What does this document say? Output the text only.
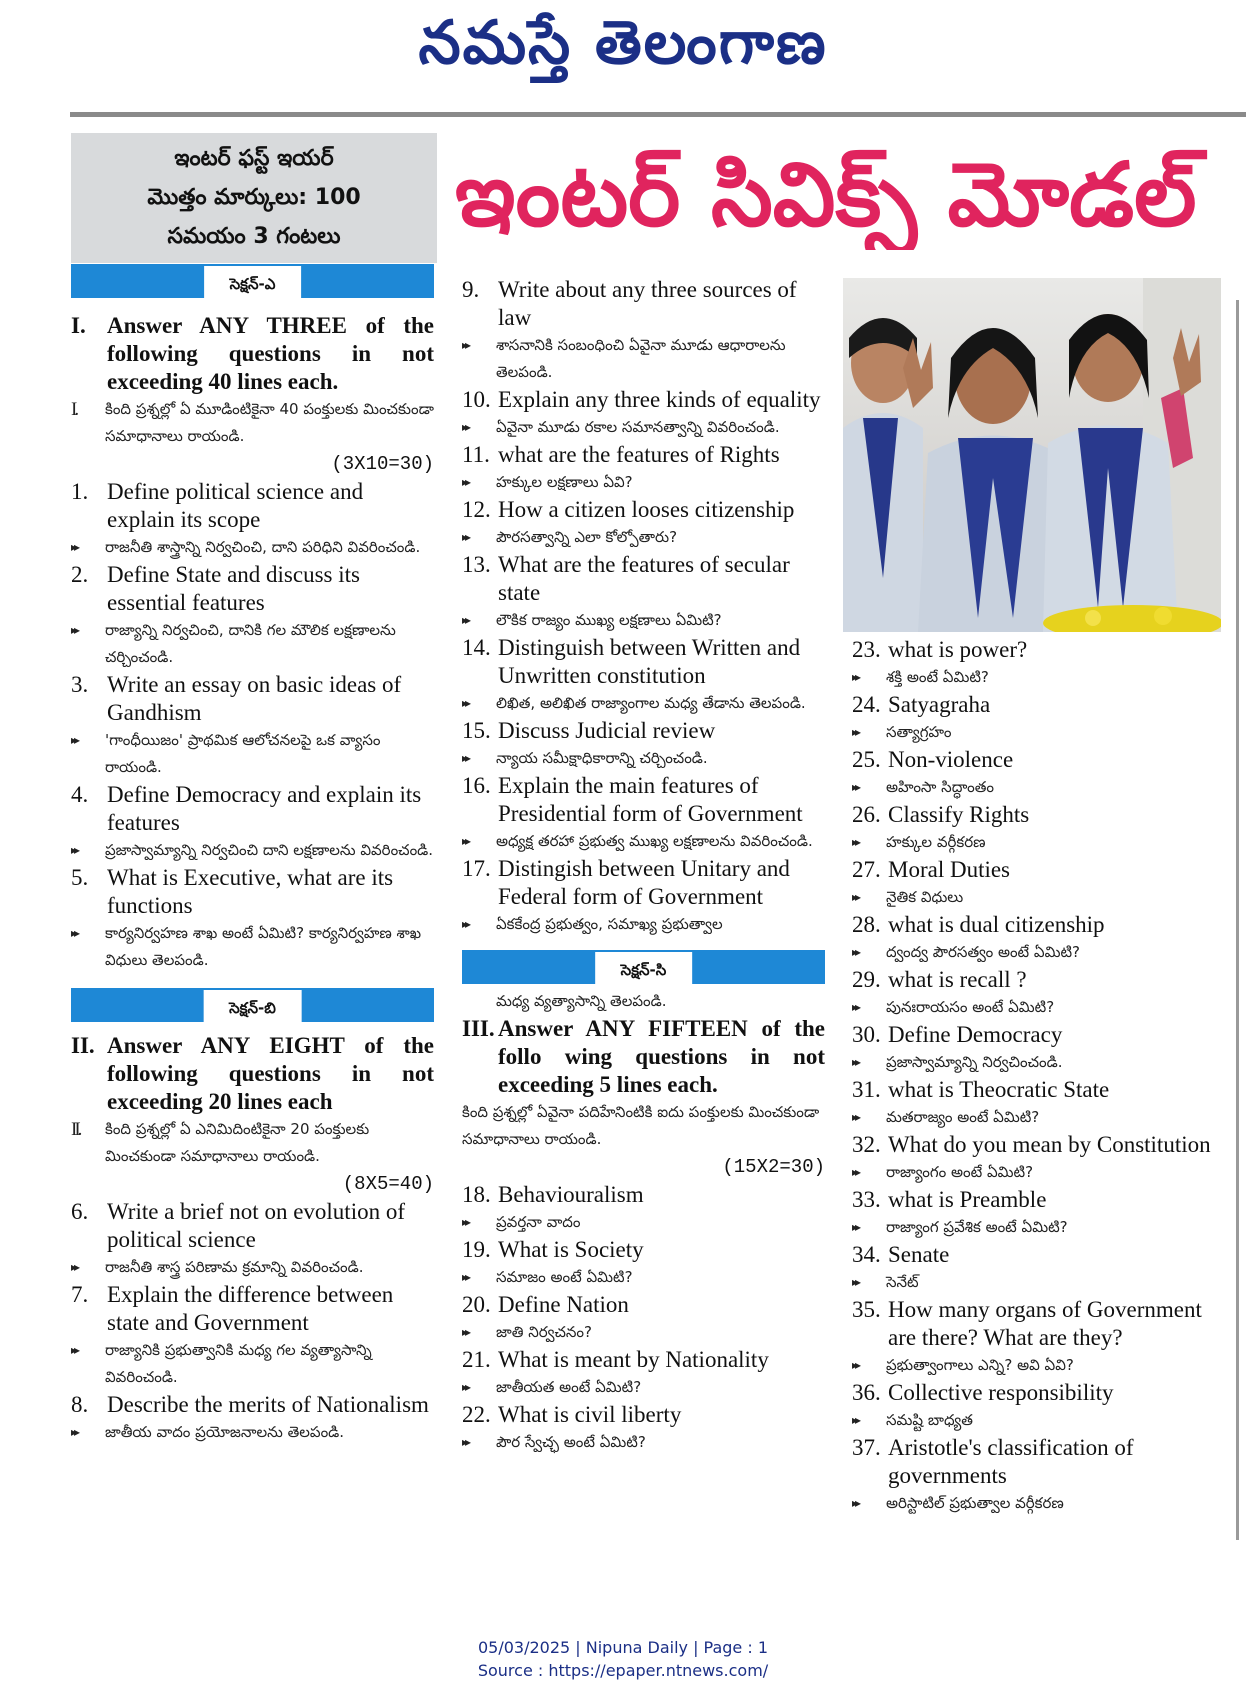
నమస్తే తెలంగాణ
ఇంటర్ ఫస్ట్ ఇయర్
మొత్తం మార్కులు: 100
సమయం 3 గంటలు	ఇంటర్ సివిక్స్ మోడల్
సెక్షన్-ఎ

I. Answer ANY THREE of the following questions in not exceeding 40 lines each.

I. కింది ప్రశ్నల్లో ఏ మూడింటికైనా 40 పంక్తులకు మించకుండా సమాధానాలు రాయండి.

(3X10=30)

1. Define political science and explain its scope

▸▸ రాజనీతి శాస్త్రాన్ని నిర్వచించి, దాని పరిధిని వివరించండి.

2. Define State and discuss its essential features

▸▸ రాజ్యాన్ని నిర్వచించి, దానికి గల మౌలిక లక్షణాలను చర్చించండి.

3. Write an essay on basic ideas of Gandhism

▸▸ 'గాంధీయిజం' ప్రాథమిక ఆలోచనలపై ఒక వ్యాసం రాయండి.

4. Define Democracy and explain its features

▸▸ ప్రజాస్వామ్యాన్ని నిర్వచించి దాని లక్షణాలను వివరించండి.

5. What is Executive, what are its functions

▸▸ కార్యనిర్వహణ శాఖ అంటే ఏమిటి? కార్యనిర్వహణ శాఖ విధులు తెలపండి.

సెక్షన్-బి

II. Answer ANY EIGHT of the following questions in not exceeding 20 lines each

II. కింది ప్రశ్నల్లో ఏ ఎనిమిదింటికైనా 20 పంక్తులకు మించకుండా సమాధానాలు రాయండి.

(8X5=40)

6. Write a brief not on evolution of political science

▸▸ రాజనీతి శాస్త్ర పరిణామ క్రమాన్ని వివరించండి.

7. Explain the difference between state and Government

▸▸ రాజ్యానికి ప్రభుత్వానికి మధ్య గల వ్యత్యాసాన్ని వివరించండి.

8. Describe the merits of Nationalism

▸▸ జాతీయ వాదం ప్రయోజనాలను తెలపండి.

9. Write about any three sources of law

▸▸ శాసనానికి సంబంధించి ఏవైనా మూడు ఆధారాలను తెలపండి.

10. Explain any three kinds of equality

▸▸ ఏవైనా మూడు రకాల సమానత్వాన్ని వివరించండి.

11. what are the features of Rights

▸▸ హక్కుల లక్షణాలు ఏవి?

12. How a citizen looses citizenship

▸▸ పౌరసత్వాన్ని ఎలా కోల్పోతారు?

13. What are the features of secular state

▸▸ లౌకిక రాజ్యం ముఖ్య లక్షణాలు ఏమిటి?

14. Distinguish between Written and Unwritten constitution

▸▸ లిఖిత, అలిఖిత రాజ్యాంగాల మధ్య తేడాను తెలపండి.

15. Discuss Judicial review

▸▸ న్యాయ సమీక్షాధికారాన్ని చర్చించండి.

16. Explain the main features of Presidential form of Government

▸▸ అధ్యక్ష తరహా ప్రభుత్వ ముఖ్య లక్షణాలను వివరించండి.

17. Distingish between Unitary and Federal form of Government

▸▸ ఏకకేంద్ర ప్రభుత్వం, సమాఖ్య ప్రభుత్వాల

సెక్షన్-సి

మధ్య వ్యత్యాసాన్ని తెలపండి.

III. Answer ANY FIFTEEN of the follo wing questions in not exceeding 5 lines each.

కింది ప్రశ్నల్లో ఏవైనా పదిహేనింటికి ఐదు పంక్తులకు మించకుండా సమాధానాలు రాయండి.

(15X2=30)

18. Behaviouralism

▸▸ ప్రవర్తనా వాదం

19. What is Society

▸▸ సమాజం అంటే ఏమిటి?

20. Define Nation

▸▸ జాతి నిర్వచనం?

21. What is meant by Nationality

▸▸ జాతీయత అంటే ఏమిటి?

22. What is civil liberty

▸▸ పౌర స్వేచ్ఛ అంటే ఏమిటి?

23. what is power?

▸▸ శక్తి అంటే ఏమిటి?

24. Satyagraha

▸▸ సత్యాగ్రహం

25. Non-violence

▸▸ అహింసా సిద్ధాంతం

26. Classify Rights

▸▸ హక్కుల వర్గీకరణ

27. Moral Duties

▸▸ నైతిక విధులు

28. what is dual citizenship

▸▸ ద్వంద్వ పౌరసత్వం అంటే ఏమిటి?

29. what is recall ?

▸▸ పునఃరాయసం అంటే ఏమిటి?

30. Define Democracy

▸▸ ప్రజాస్వామ్యాన్ని నిర్వచించండి.

31. what is Theocratic State

▸▸ మతరాజ్యం అంటే ఏమిటి?

32. What do you mean by Constitution

▸▸ రాజ్యాంగం అంటే ఏమిటి?

33. what is Preamble

▸▸ రాజ్యాంగ ప్రవేశిక అంటే ఏమిటి?

34. Senate

▸▸ సెనేట్

35. How many organs of Government are there? What are they?

▸▸ ప్రభుత్వాంగాలు ఎన్ని? అవి ఏవి?

36. Collective responsibility

▸▸ సమష్టి బాధ్యత

37. Aristotle's classification of governments

▸▸ అరిస్టాటిల్ ప్రభుత్వాల వర్గీకరణ

05/03/2025 | Nipuna Daily | Page : 1
Source : https://epaper.ntnews.com/
